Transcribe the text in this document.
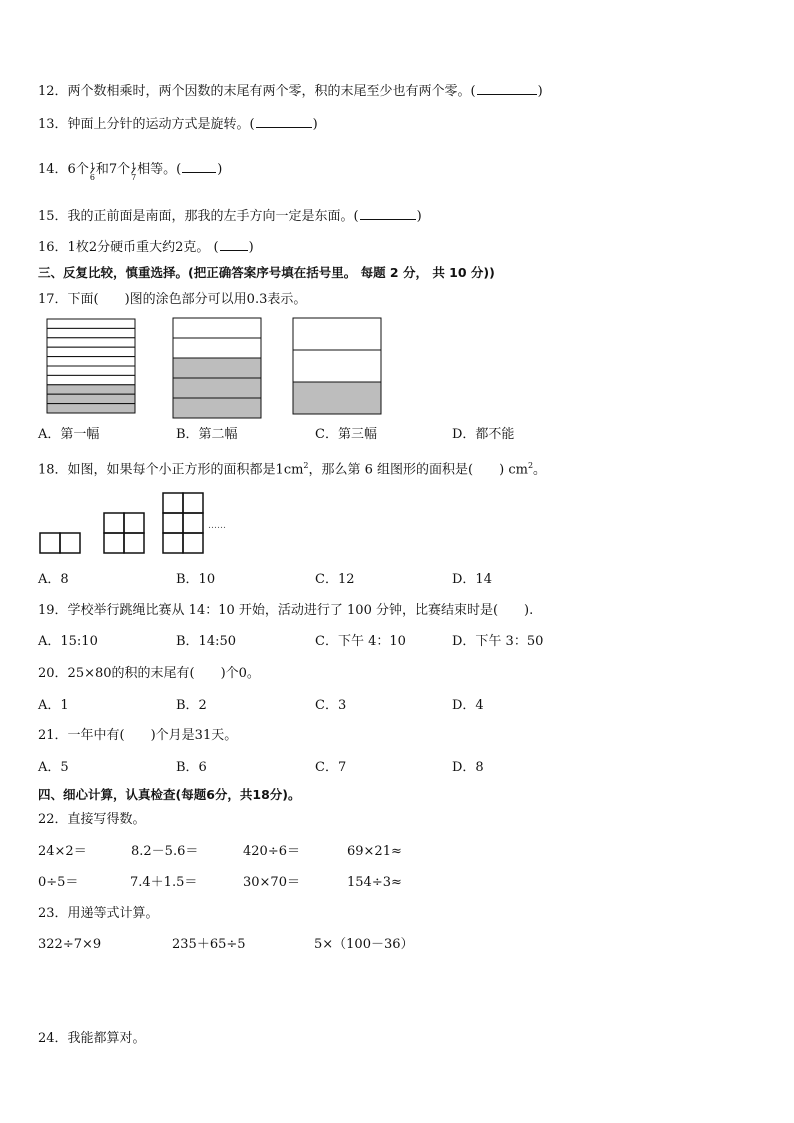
12．两个数相乘时，两个因数的末尾有两个零，积的末尾至少也有两个零。(	)
13．钟面上分针的运动方式是旋转。(	)
14．6个 1
6 和7个 1
7 相等。(	)
15．我的正前面是南面，那我的左手方向一定是东面。(	)
16．1枚2分硬币重大约2克。 ( )
三、反复比较，慎重选择。(把正确答案序号填在括号里。 每题 2 分， 共 10 分))
17．下面(　　)图的涂色部分可以用0.3表示。
A．第一幅	B．第二幅	C．第三幅	D．都不能
18．如图，如果每个小正方形的面积都是$1cm^2$，那么第 6 组图形的面积是(　　) $cm^2$。
……
A．8	B．10	C．12	D．14
19．学校举行跳绳比赛从 14：10 开始，活动进行了 100 分钟，比赛结束时是(　　).
A．15:10	B．14:50	C．下午 4：10	D．下午 3：50
20．25×80的积的末尾有(　　)个0。
A．1	B．2	C．3	D．4
21．一年中有(　　)个月是31天。
A．5	B．6	C．7	D．8
四、细心计算，认真检查(每题6分，共18分)。
22．直接写得数。
24×2＝	8.2－5.6＝	420÷6＝	69×21≈
0÷5＝	7.4＋1.5＝	30×70＝	154÷3≈
23．用递等式计算。
322÷7×9	235＋65÷5	5×（100－36）
24．我能都算对。
